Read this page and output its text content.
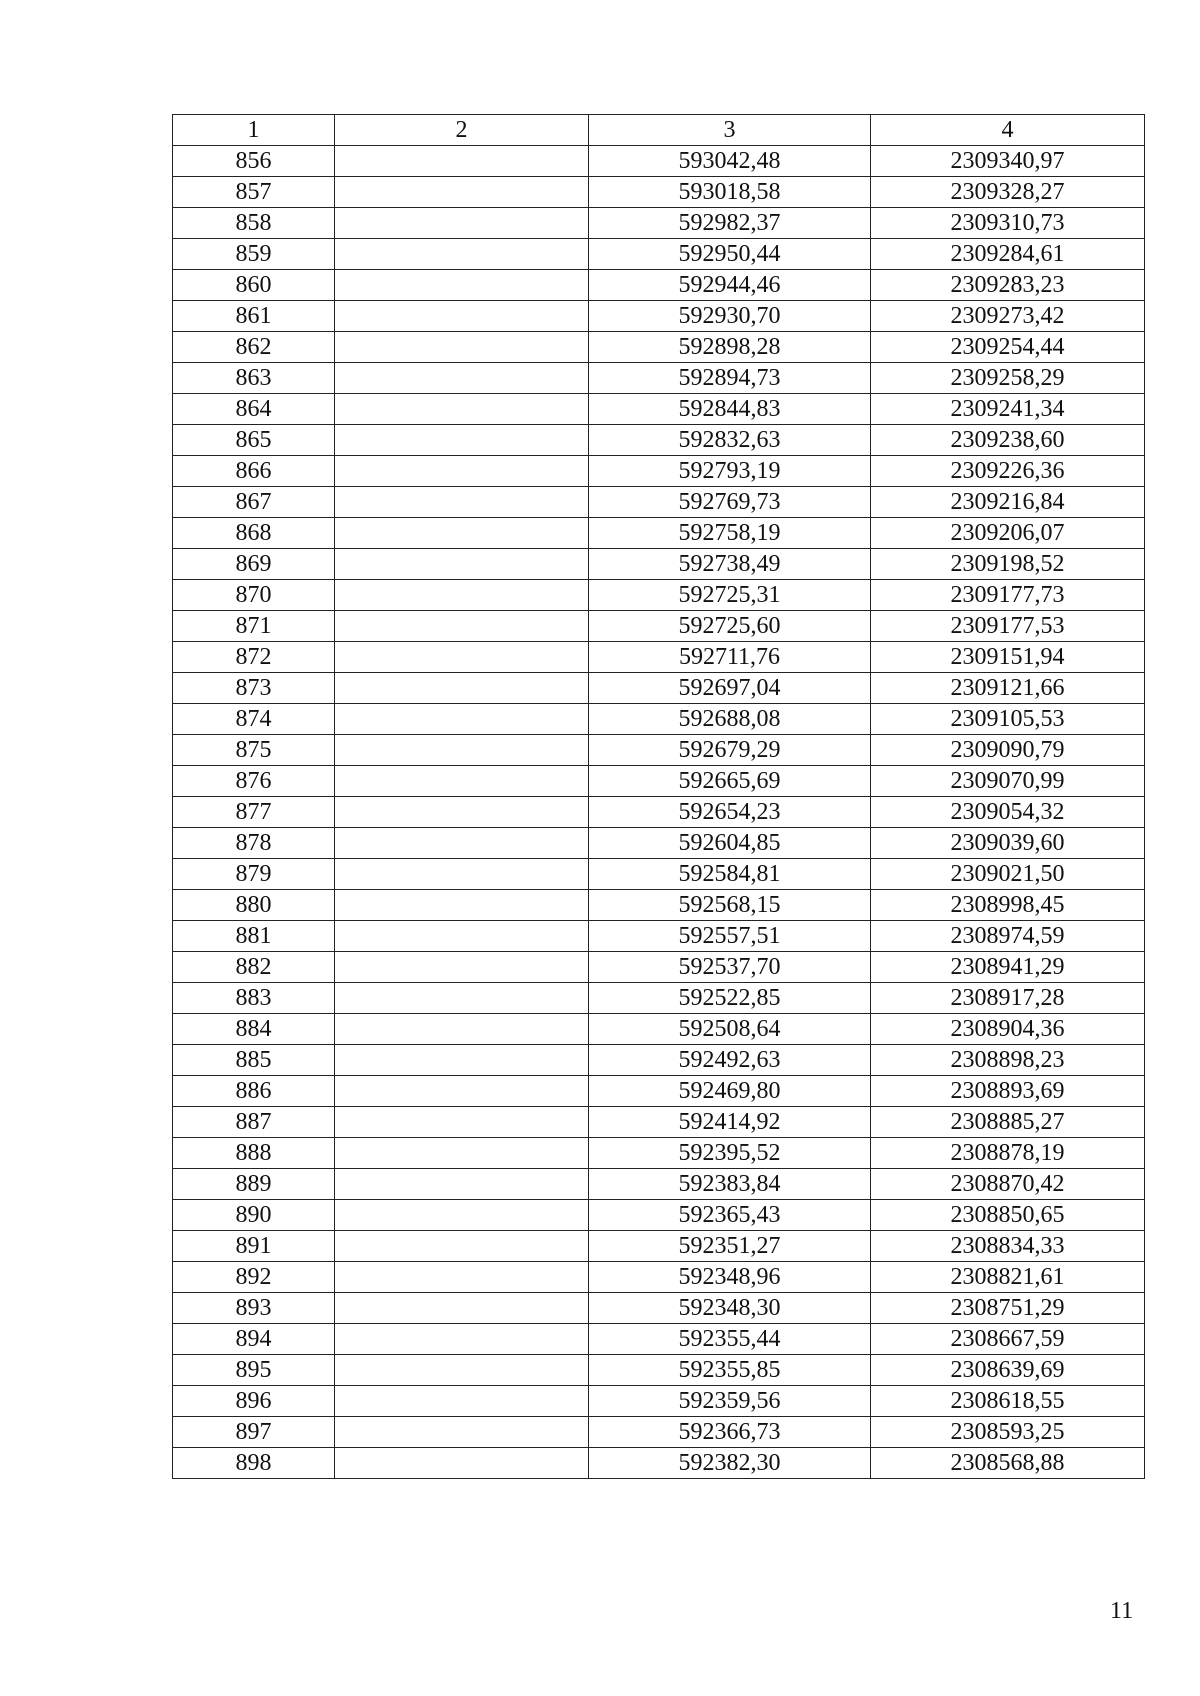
1	2	3	4
856		593042,48	2309340,97
857		593018,58	2309328,27
858		592982,37	2309310,73
859		592950,44	2309284,61
860		592944,46	2309283,23
861		592930,70	2309273,42
862		592898,28	2309254,44
863		592894,73	2309258,29
864		592844,83	2309241,34
865		592832,63	2309238,60
866		592793,19	2309226,36
867		592769,73	2309216,84
868		592758,19	2309206,07
869		592738,49	2309198,52
870		592725,31	2309177,73
871		592725,60	2309177,53
872		592711,76	2309151,94
873		592697,04	2309121,66
874		592688,08	2309105,53
875		592679,29	2309090,79
876		592665,69	2309070,99
877		592654,23	2309054,32
878		592604,85	2309039,60
879		592584,81	2309021,50
880		592568,15	2308998,45
881		592557,51	2308974,59
882		592537,70	2308941,29
883		592522,85	2308917,28
884		592508,64	2308904,36
885		592492,63	2308898,23
886		592469,80	2308893,69
887		592414,92	2308885,27
888		592395,52	2308878,19
889		592383,84	2308870,42
890		592365,43	2308850,65
891		592351,27	2308834,33
892		592348,96	2308821,61
893		592348,30	2308751,29
894		592355,44	2308667,59
895		592355,85	2308639,69
896		592359,56	2308618,55
897		592366,73	2308593,25
898		592382,30	2308568,88
11
